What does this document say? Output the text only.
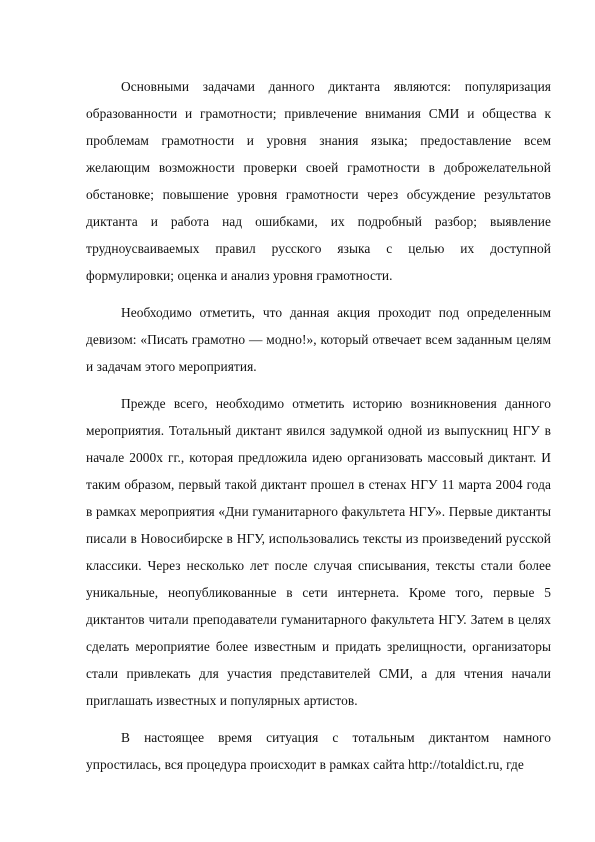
Основными задачами данного диктанта являются: популяризация образованности и грамотности; привлечение внимания СМИ и общества к проблемам грамотности и уровня знания языка; предоставление всем желающим возможности проверки своей грамотности в доброжелательной обстановке; повышение уровня грамотности через обсуждение результатов диктанта и работа над ошибками, их подробный разбор; выявление трудноусваиваемых правил русского языка с целью их доступной формулировки; оценка и анализ уровня грамотности.

Необходимо отметить, что данная акция проходит под определенным девизом: «Писать грамотно — модно!», который отвечает всем заданным целям и задачам этого мероприятия.

Прежде всего, необходимо отметить историю возникновения данного мероприятия. Тотальный диктант явился задумкой одной из выпускниц НГУ в начале 2000х гг., которая предложила идею организовать массовый диктант. И таким образом, первый такой диктант прошел в стенах НГУ 11 марта 2004 года в рамках мероприятия «Дни гуманитарного факультета НГУ». Первые диктанты писали в Новосибирске в НГУ, использовались тексты из произведений русской классики. Через несколько лет после случая списывания, тексты стали более уникальные, неопубликованные в сети интернета. Кроме того, первые 5 диктантов читали преподаватели гуманитарного факультета НГУ. Затем в целях сделать мероприятие более известным и придать зрелищности, организаторы стали привлекать для участия представителей СМИ, а для чтения начали приглашать известных и популярных артистов.

В настоящее время ситуация с тотальным диктантом намного упростилась, вся процедура происходит в рамках сайта http://totaldict.ru, где
